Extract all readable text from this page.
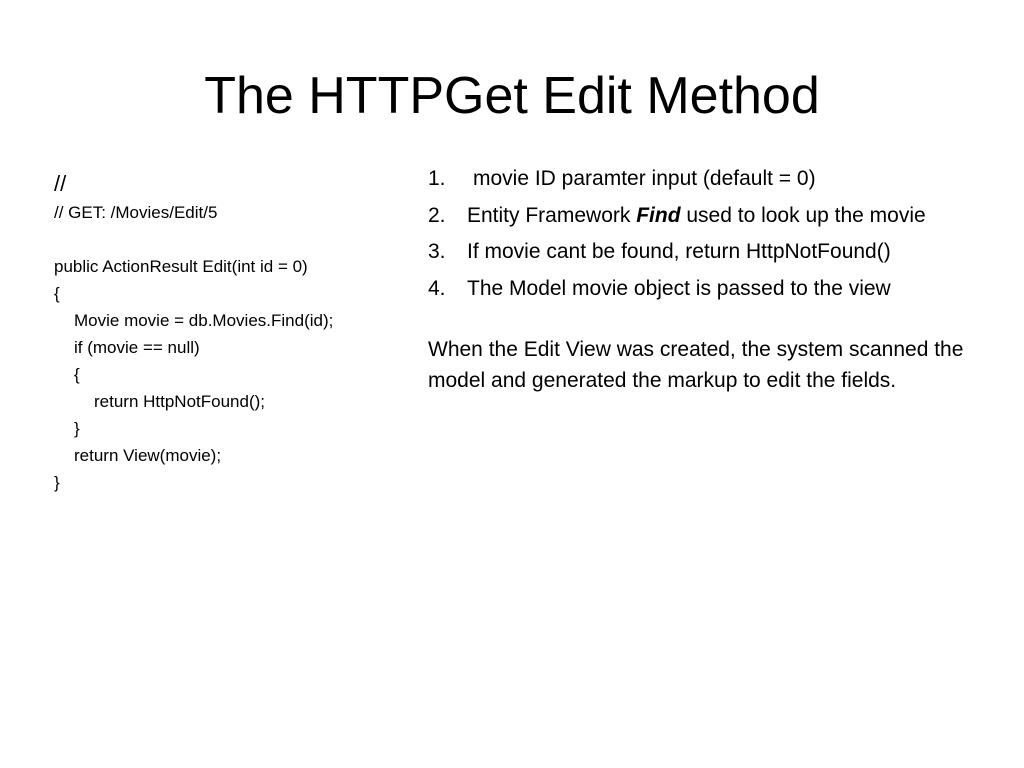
The HTTPGet Edit Method
//
// GET: /Movies/Edit/5
public ActionResult Edit(int id = 0)
{
Movie movie = db.Movies.Find(id);
if (movie == null)
{
return HttpNotFound();
}
return View(movie);
}
1. movie ID paramter input (default = 0)
2. Entity Framework Find used to look up the movie
3. If movie cant be found, return HttpNotFound()
4. The Model movie object is passed to the view
When the Edit View was created, the system scanned the model and generated the markup to edit the fields.
